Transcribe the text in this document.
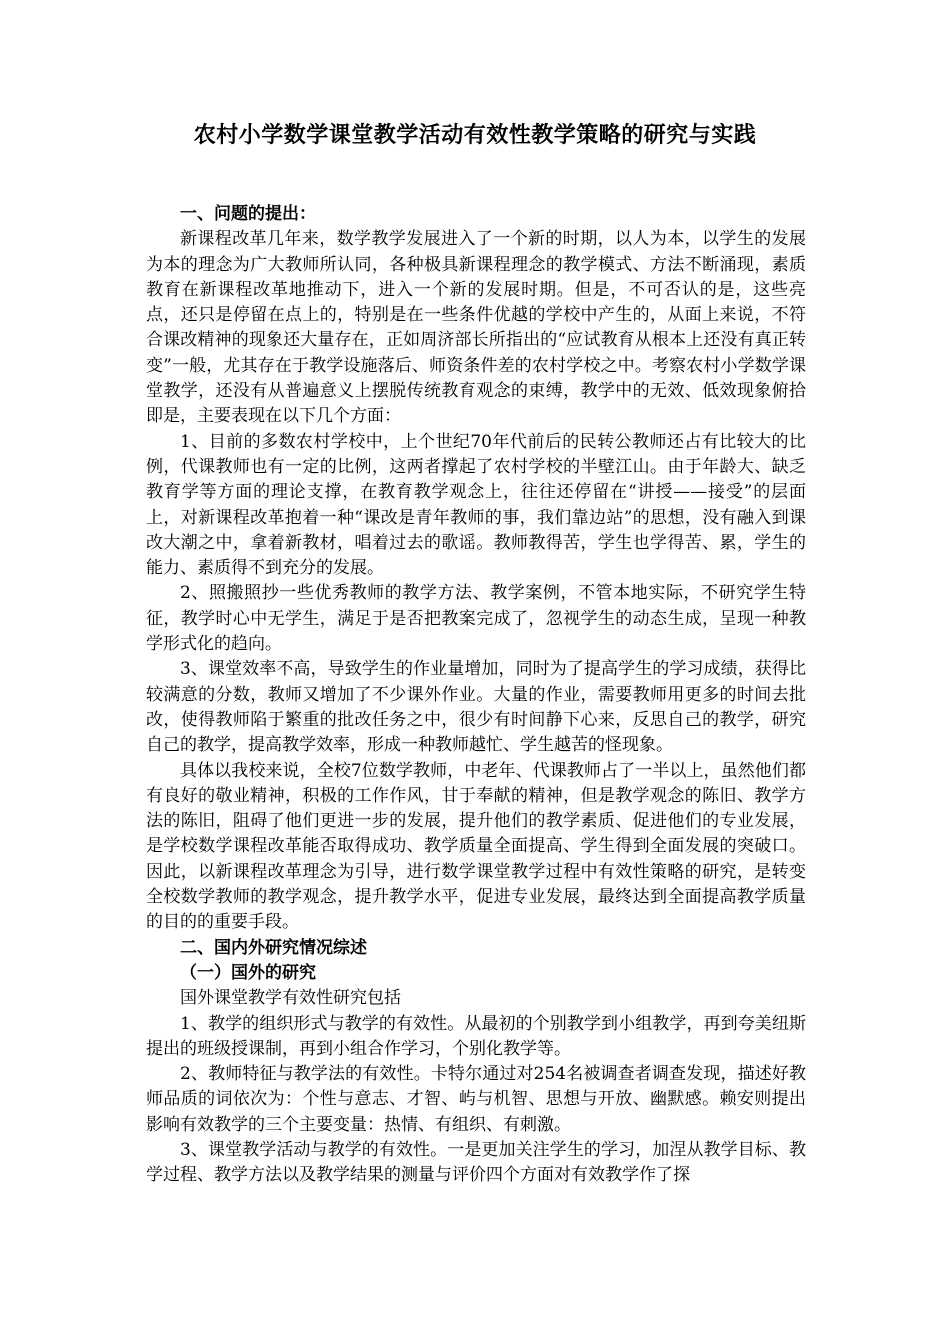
农村小学数学课堂教学活动有效性教学策略的研究与实践

一、问题的提出：

新课程改革几年来，数学教学发展进入了一个新的时期，以人为本，以学生的发展为本的理念为广大教师所认同，各种极具新课程理念的教学模式、方法不断涌现，素质教育在新课程改革地推动下，进入一个新的发展时期。但是，不可否认的是，这些亮点，还只是停留在点上的，特别是在一些条件优越的学校中产生的，从面上来说，不符合课改精神的现象还大量存在，正如周济部长所指出的“应试教育从根本上还没有真正转变”一般，尤其存在于教学设施落后、师资条件差的农村学校之中。考察农村小学数学课堂教学，还没有从普遍意义上摆脱传统教育观念的束缚，教学中的无效、低效现象俯拾即是，主要表现在以下几个方面：

1、目前的多数农村学校中，上个世纪70年代前后的民转公教师还占有比较大的比例，代课教师也有一定的比例，这两者撑起了农村学校的半壁江山。由于年龄大、缺乏教育学等方面的理论支撑，在教育教学观念上，往往还停留在“讲授——接受”的层面上，对新课程改革抱着一种“课改是青年教师的事，我们靠边站”的思想，没有融入到课改大潮之中，拿着新教材，唱着过去的歌谣。教师教得苦，学生也学得苦、累，学生的能力、素质得不到充分的发展。

2、照搬照抄一些优秀教师的教学方法、教学案例，不管本地实际，不研究学生特征，教学时心中无学生，满足于是否把教案完成了，忽视学生的动态生成，呈现一种教学形式化的趋向。

3、课堂效率不高，导致学生的作业量增加，同时为了提高学生的学习成绩，获得比较满意的分数，教师又增加了不少课外作业。大量的作业，需要教师用更多的时间去批改，使得教师陷于繁重的批改任务之中，很少有时间静下心来，反思自己的教学，研究自己的教学，提高教学效率，形成一种教师越忙、学生越苦的怪现象。

具体以我校来说，全校7位数学教师，中老年、代课教师占了一半以上，虽然他们都有良好的敬业精神，积极的工作作风，甘于奉献的精神，但是教学观念的陈旧、教学方法的陈旧，阻碍了他们更进一步的发展，提升他们的教学素质、促进他们的专业发展，是学校数学课程改革能否取得成功、教学质量全面提高、学生得到全面发展的突破口。因此，以新课程改革理念为引导，进行数学课堂教学过程中有效性策略的研究，是转变全校数学教师的教学观念，提升教学水平，促进专业发展，最终达到全面提高教学质量的目的的重要手段。

二、国内外研究情况综述

（一）国外的研究

国外课堂教学有效性研究包括

1、教学的组织形式与教学的有效性。从最初的个别教学到小组教学，再到夸美纽斯提出的班级授课制，再到小组合作学习，个别化教学等。

2、教师特征与教学法的有效性。卡特尔通过对254名被调查者调查发现，描述好教师品质的词依次为：个性与意志、才智、屿与机智、思想与开放、幽默感。赖安则提出影响有效教学的三个主要变量：热情、有组织、有刺激。

3、课堂教学活动与教学的有效性。一是更加关注学生的学习，加涅从教学目标、教学过程、教学方法以及教学结果的测量与评价四个方面对有效教学作了探
